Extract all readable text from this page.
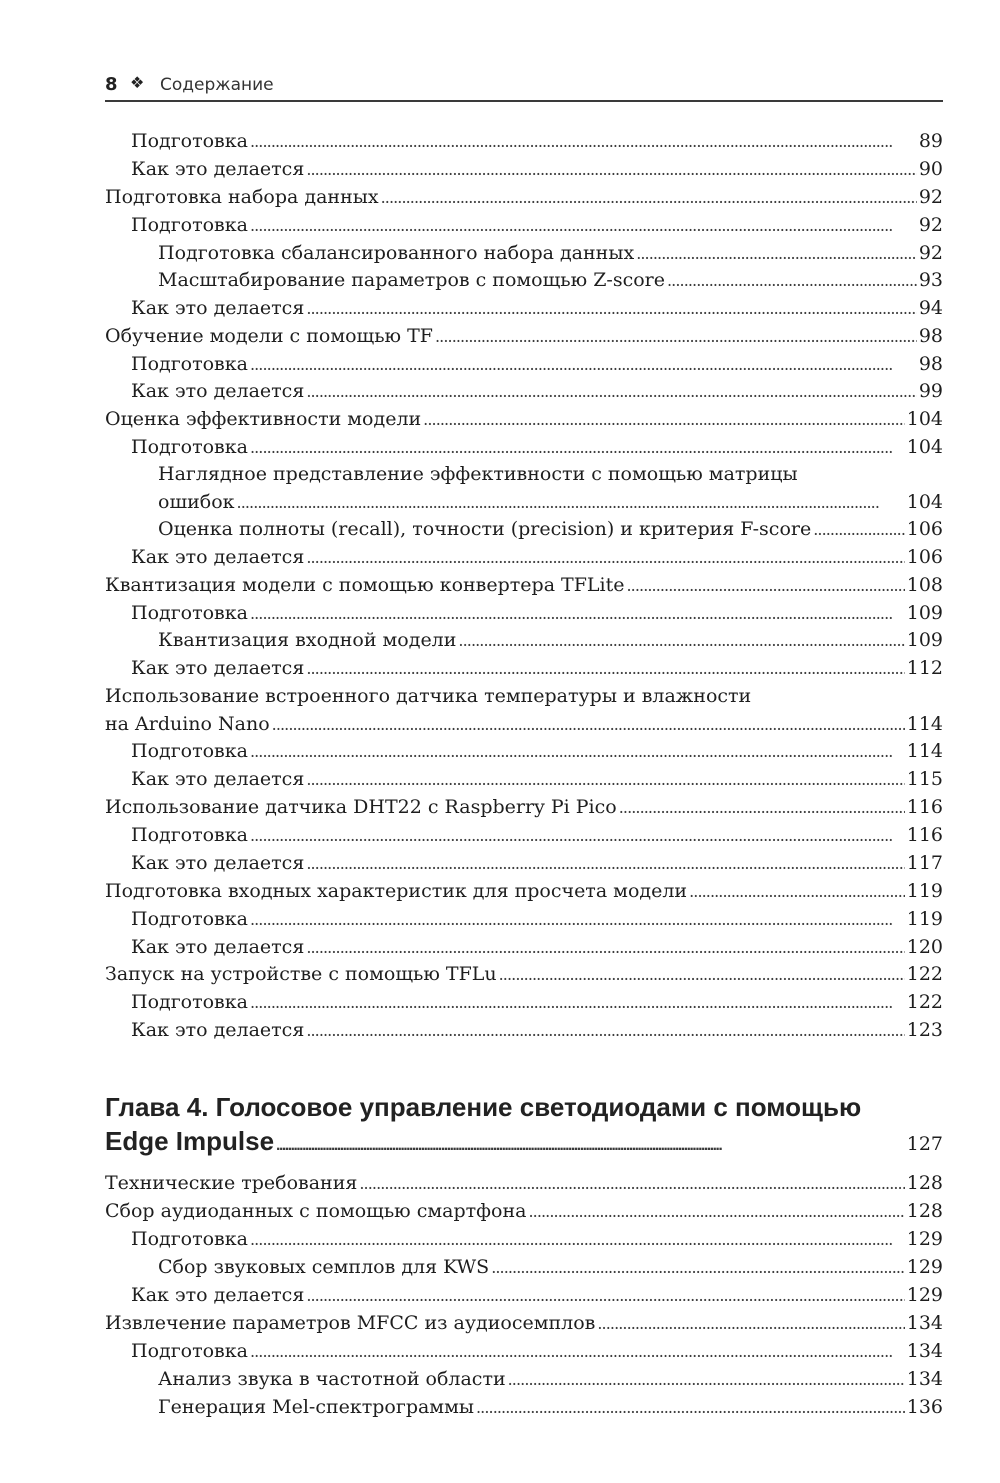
8 ❖ Содержание
Подготовка . . .	89
Как это делается . . .	90
Подготовка набора данных . . .	92
Подготовка . . .	92
Подготовка сбалансированного набора данных . . .	92
Масштабирование параметров с помощью Z-score . . .	93
Как это делается . . .	94
Обучение модели с помощью TF . . .	98
Подготовка . . .	98
Как это делается . . .	99
Оценка эффективности модели . . .	104
Подготовка . . .	104
Наглядное представление эффективности с помощью матрицы
ошибок . . .	104
Оценка полноты (recall), точности (precision) и критерия F-score . . .	106
Как это делается . . .	106
Квантизация модели с помощью конвертера TFLite . . .	108
Подготовка . . .	109
Квантизация входной модели . . .	109
Как это делается . . .	112
Использование встроенного датчика температуры и влажности
на Arduino Nano . . .	114
Подготовка . . .	114
Как это делается . . .	115
Использование датчика DHT22 с Raspberry Pi Pico . . .	116
Подготовка . . .	116
Как это делается . . .	117
Подготовка входных характеристик для просчета модели . . .	119
Подготовка . . .	119
Как это делается . . .	120
Запуск на устройстве с помощью TFLu . . .	122
Подготовка . . .	122
Как это делается . . .	123
Глава 4. Голосовое управление светодиодами с помощью
Edge Impulse . . .	127
Технические требования . . .	128
Сбор аудиоданных с помощью смартфона . . .	128
Подготовка . . .	129
Сбор звуковых семплов для KWS . . .	129
Как это делается . . .	129
Извлечение параметров MFCC из аудиосемплов . . .	134
Подготовка . . .	134
Анализ звука в частотной области . . .	134
Генерация Mel-спектрограммы . . .	136
